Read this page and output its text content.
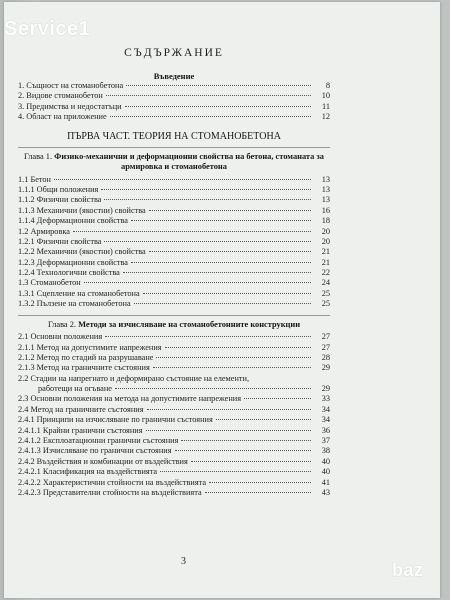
СЪДЪРЖАНИЕ
Въведение
1. Същност на стоманобетона	8
2. Видове стоманобетон	10
3. Предимства и недостатъци	11
4. Област на приложение	12
ПЪРВА ЧАСТ. ТЕОРИЯ НА СТОМАНОБЕТОНА
Глава 1. Физико-механични и деформационни свойства на бетона, стоманата за армировка и стоманобетона
1.1 Бетон	13
1.1.1 Общи положения	13
1.1.2 Физични свойства	13
1.1.3 Механични (якостни) свойства	16
1.1.4 Деформационни свойства	18
1.2 Армировка	20
1.2.1 Физични свойства	20
1.2.2 Механични (якостни) свойства	21
1.2.3 Деформационни свойства	21
1.2.4 Технологични свойства	22
1.3 Стоманобетон	24
1.3.1 Сцепление на стоманобетона	25
1.3.2 Пълзене на стоманобетона	25
Глава 2. Методи за изчисляване на стоманобетонните конструкции
2.1 Основни положения	27
2.1.1 Метод на допустимите напрежения	27
2.1.2 Метод по стадий на разрушаване	28
2.1.3 Метод на граничните състояния	29
2.2 Стадии на напрегнато и деформирано състояние на елементи,
работещи на огъване	29
2.3 Основни положения на метода на допустимите напрежения	33
2.4 Метод на граничните състояния	34
2.4.1 Принципи на изчисляване по гранични състояния	34
2.4.1.1 Крайни гранични състояния	36
2.4.1.2 Експлоатационни гранични състояния	37
2.4.1.3 Изчисляване по гранични състояния	38
2.4.2 Въздействия и комбинации от въздействия	40
2.4.2.1 Класификация на въздействията	40
2.4.2.2 Характеристични стойности на въздействията	41
2.4.2.3 Представителни стойности на въздействията	43
3
Service1
baz
